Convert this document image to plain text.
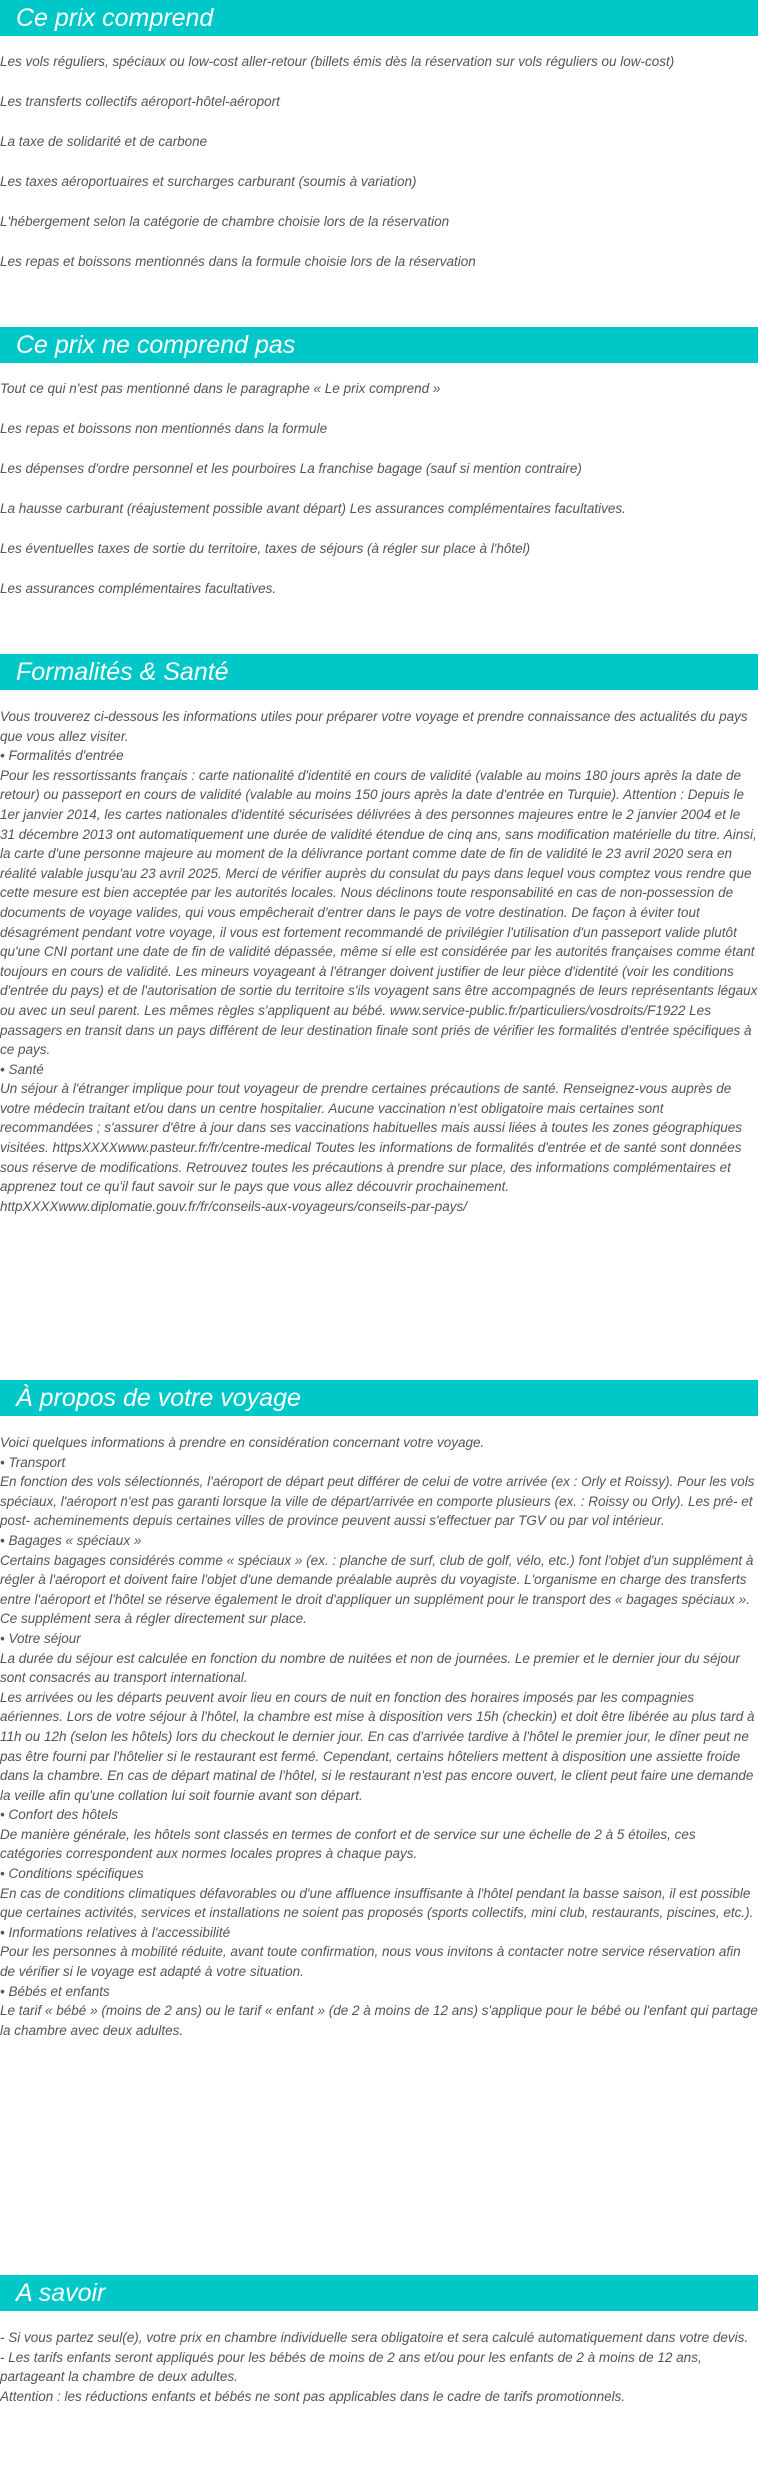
Ce prix comprend
Les vols réguliers, spéciaux ou low-cost aller-retour (billets émis dès la réservation sur vols réguliers ou low-cost)
Les transferts collectifs aéroport-hôtel-aéroport
La taxe de solidarité et de carbone
Les taxes aéroportuaires et surcharges carburant (soumis à variation)
L'hébergement selon la catégorie de chambre choisie lors de la réservation
Les repas et boissons mentionnés dans la formule choisie lors de la réservation
Ce prix ne comprend pas
Tout ce qui n'est pas mentionné dans le paragraphe « Le prix comprend »
Les repas et boissons non mentionnés dans la formule
Les dépenses d'ordre personnel et les pourboires La franchise bagage (sauf si mention contraire)
La hausse carburant (réajustement possible avant départ) Les assurances complémentaires facultatives.
Les éventuelles taxes de sortie du territoire, taxes de séjours (à régler sur place à l'hôtel)
Les assurances complémentaires facultatives.
Formalités & Santé

Vous trouverez ci-dessous les informations utiles pour préparer votre voyage et prendre connaissance des actualités du pays que vous allez visiter.

• Formalités d'entrée

Pour les ressortissants français : carte nationalité d'identité en cours de validité (valable au moins 180 jours après la date de retour) ou passeport en cours de validité (valable au moins 150 jours après la date d'entrée en Turquie). Attention : Depuis le 1er janvier 2014, les cartes nationales d'identité sécurisées délivrées à des personnes majeures entre le 2 janvier 2004 et le 31 décembre 2013 ont automatiquement une durée de validité étendue de cinq ans, sans modification matérielle du titre. Ainsi, la carte d'une personne majeure au moment de la délivrance portant comme date de fin de validité le 23 avril 2020 sera en réalité valable jusqu'au 23 avril 2025. Merci de vérifier auprès du consulat du pays dans lequel vous comptez vous rendre que cette mesure est bien acceptée par les autorités locales. Nous déclinons toute responsabilité en cas de non-possession de documents de voyage valides, qui vous empêcherait d'entrer dans le pays de votre destination. De façon à éviter tout désagrément pendant votre voyage, il vous est fortement recommandé de privilégier l'utilisation d'un passeport valide plutôt qu'une CNI portant une date de fin de validité dépassée, même si elle est considérée par les autorités françaises comme étant toujours en cours de validité. Les mineurs voyageant à l'étranger doivent justifier de leur pièce d'identité (voir les conditions d'entrée du pays) et de l'autorisation de sortie du territoire s'ils voyagent sans être accompagnés de leurs représentants légaux ou avec un seul parent. Les mêmes règles s'appliquent au bébé. www.service-public.fr/particuliers/vosdroits/F1922 Les passagers en transit dans un pays différent de leur destination finale sont priés de vérifier les formalités d'entrée spécifiques à ce pays.

• Santé

Un séjour à l'étranger implique pour tout voyageur de prendre certaines précautions de santé. Renseignez-vous auprès de votre médecin traitant et/ou dans un centre hospitalier. Aucune vaccination n'est obligatoire mais certaines sont recommandées ; s'assurer d'être à jour dans ses vaccinations habituelles mais aussi liées à toutes les zones géographiques visitées. httpsXXXXwww.pasteur.fr/fr/centre-medical Toutes les informations de formalités d'entrée et de santé sont données sous réserve de modifications. Retrouvez toutes les précautions à prendre sur place, des informations complémentaires et apprenez tout ce qu'il faut savoir sur le pays que vous allez découvrir prochainement. httpXXXXwww.diplomatie.gouv.fr/fr/conseils-aux-voyageurs/conseils-par-pays/

À propos de votre voyage

Voici quelques informations à prendre en considération concernant votre voyage.

• Transport

En fonction des vols sélectionnés, l'aéroport de départ peut différer de celui de votre arrivée (ex : Orly et Roissy). Pour les vols spéciaux, l'aéroport n'est pas garanti lorsque la ville de départ/arrivée en comporte plusieurs (ex. : Roissy ou Orly). Les pré- et post- acheminements depuis certaines villes de province peuvent aussi s'effectuer par TGV ou par vol intérieur.

• Bagages « spéciaux »

Certains bagages considérés comme « spéciaux » (ex. : planche de surf, club de golf, vélo, etc.) font l'objet d'un supplément à régler à l'aéroport et doivent faire l'objet d'une demande préalable auprès du voyagiste. L'organisme en charge des transferts entre l'aéroport et l'hôtel se réserve également le droit d'appliquer un supplément pour le transport des « bagages spéciaux ». Ce supplément sera à régler directement sur place.

• Votre séjour

La durée du séjour est calculée en fonction du nombre de nuitées et non de journées. Le premier et le dernier jour du séjour sont consacrés au transport international.

Les arrivées ou les départs peuvent avoir lieu en cours de nuit en fonction des horaires imposés par les compagnies aériennes. Lors de votre séjour à l'hôtel, la chambre est mise à disposition vers 15h (checkin) et doit être libérée au plus tard à 11h ou 12h (selon les hôtels) lors du checkout le dernier jour. En cas d'arrivée tardive à l'hôtel le premier jour, le dîner peut ne pas être fourni par l'hôtelier si le restaurant est fermé. Cependant, certains hôteliers mettent à disposition une assiette froide dans la chambre. En cas de départ matinal de l'hôtel, si le restaurant n'est pas encore ouvert, le client peut faire une demande la veille afin qu'une collation lui soit fournie avant son départ.

• Confort des hôtels

De manière générale, les hôtels sont classés en termes de confort et de service sur une échelle de 2 à 5 étoiles, ces catégories correspondent aux normes locales propres à chaque pays.

• Conditions spécifiques

En cas de conditions climatiques défavorables ou d'une affluence insuffisante à l'hôtel pendant la basse saison, il est possible que certaines activités, services et installations ne soient pas proposés (sports collectifs, mini club, restaurants, piscines, etc.).

• Informations relatives à l'accessibilité

Pour les personnes à mobilité réduite, avant toute confirmation, nous vous invitons à contacter notre service réservation afin de vérifier si le voyage est adapté à votre situation.

• Bébés et enfants

Le tarif « bébé » (moins de 2 ans) ou le tarif « enfant » (de 2 à moins de 12 ans) s'applique pour le bébé ou l'enfant qui partage la chambre avec deux adultes.

A savoir

- Si vous partez seul(e), votre prix en chambre individuelle sera obligatoire et sera calculé automatiquement dans votre devis.

- Les tarifs enfants seront appliqués pour les bébés de moins de 2 ans et/ou pour les enfants de 2 à moins de 12 ans, partageant la chambre de deux adultes.

Attention : les réductions enfants et bébés ne sont pas applicables dans le cadre de tarifs promotionnels.
